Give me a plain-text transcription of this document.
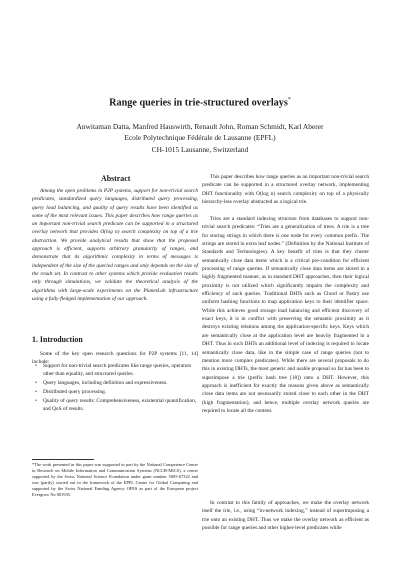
Range queries in trie-structured overlays*
Anwitaman Datta, Manfred Hauswirth, Renault John, Roman Schmidt, Karl Aberer
Ecole Polytechnique Fédérale de Lausanne (EPFL)
CH-1015 Lausanne, Switzerland
Abstract

Among the open problems in P2P systems, support for non-trivial search predicates, standardized query languages, distributed query processing, query load balancing, and quality of query results have been identified as some of the most relevant issues. This paper describes how range queries as an important non-trivial search predicate can be supported in a structured overlay network that provides O(log n) search complexity on top of a trie abstraction. We provide analytical results that show that the proposed approach is efficient, supports arbitrary granularity of ranges, and demonstrate that its algorithmic complexity in terms of messages is independent of the size of the queried ranges and only depends on the size of the result set. In contrast to other systems which provide evaluation results only through simulations, we validate the theoretical analysis of the algorithms with large-scale experiments on the PlanetLab infrastructure using a fully-fledged implementation of our approach.

1. Introduction

Some of the key open research questions for P2P systems [11, 14] include:

• Support for non-trivial search predicates like range queries, operators other than equality, and structured queries.
• Query languages, including definition and expressiveness.
• Distributed query processing.
• Quality of query results: Comprehensiveness, existential quantification, and QoS of results.

*The work presented in this paper was supported in part by the National Competence Center in Research on Mobile Information and Communication Systems (NCCR-MICS), a center supported by the Swiss National Science Foundation under grant number 5005-67322 and was (partly) carried out in the framework of the EPFL Center for Global Computing and supported by the Swiss National Funding Agency OFES as part of the European project Evergrow No 001935.

This paper describes how range queries as an important non-trivial search predicate can be supported in a structured overlay network, implementing DHT functionality with O(log n) search complexity on top of a physically hierarchy-less overlay abstracted as a logical trie.

Tries are a standard indexing structure from databases to support non-trivial search predicates: “Tries are a generalization of trees. A trie is a tree for storing strings in which there is one node for every common prefix. The strings are stored in extra leaf nodes.” (Definition by the National Institute of Standards and Technologies). A key benefit of tries is that they cluster semantically close data items which is a critical pre-condition for efficient processing of range queries. If semantically close data items are stored in a highly fragmented manner, as in standard DHT approaches, then their logical proximity is not utilized which significantly impairs the complexity and efficiency of such queries. Traditional DHTs such as Chord or Pastry use uniform hashing functions to map application keys to their identifier space. While this achieves good storage load balancing and efficient discovery of exact keys, it is in conflict with preserving the semantic proximity as it destroys existing relations among the application-specific keys. Keys which are semantically close at the application level are heavily fragmented in a DHT. Thus in such DHTs an additional level of indexing is required to locate semantically close data, like in the simple case of range queries (not to mention more complex predicates). While there are several proposals to do this in existing DHTs, the most generic and usable proposal so far has been to superimpose a trie (prefix hash tree [18]) onto a DHT. However, this approach is inefficient for exactly the reasons given above as semantically close data items are not necessarily stored close to each other in the DHT (high fragmentation), and hence, multiple overlay network queries are required to locate all the content.

In contrast to this family of approaches, we make the overlay network itself the trie, i.e., using “in-network indexing,” instead of superimposing a trie onto an existing DHT. Thus we make the overlay network as efficient as possible for range queries and other higher-level predicates while
